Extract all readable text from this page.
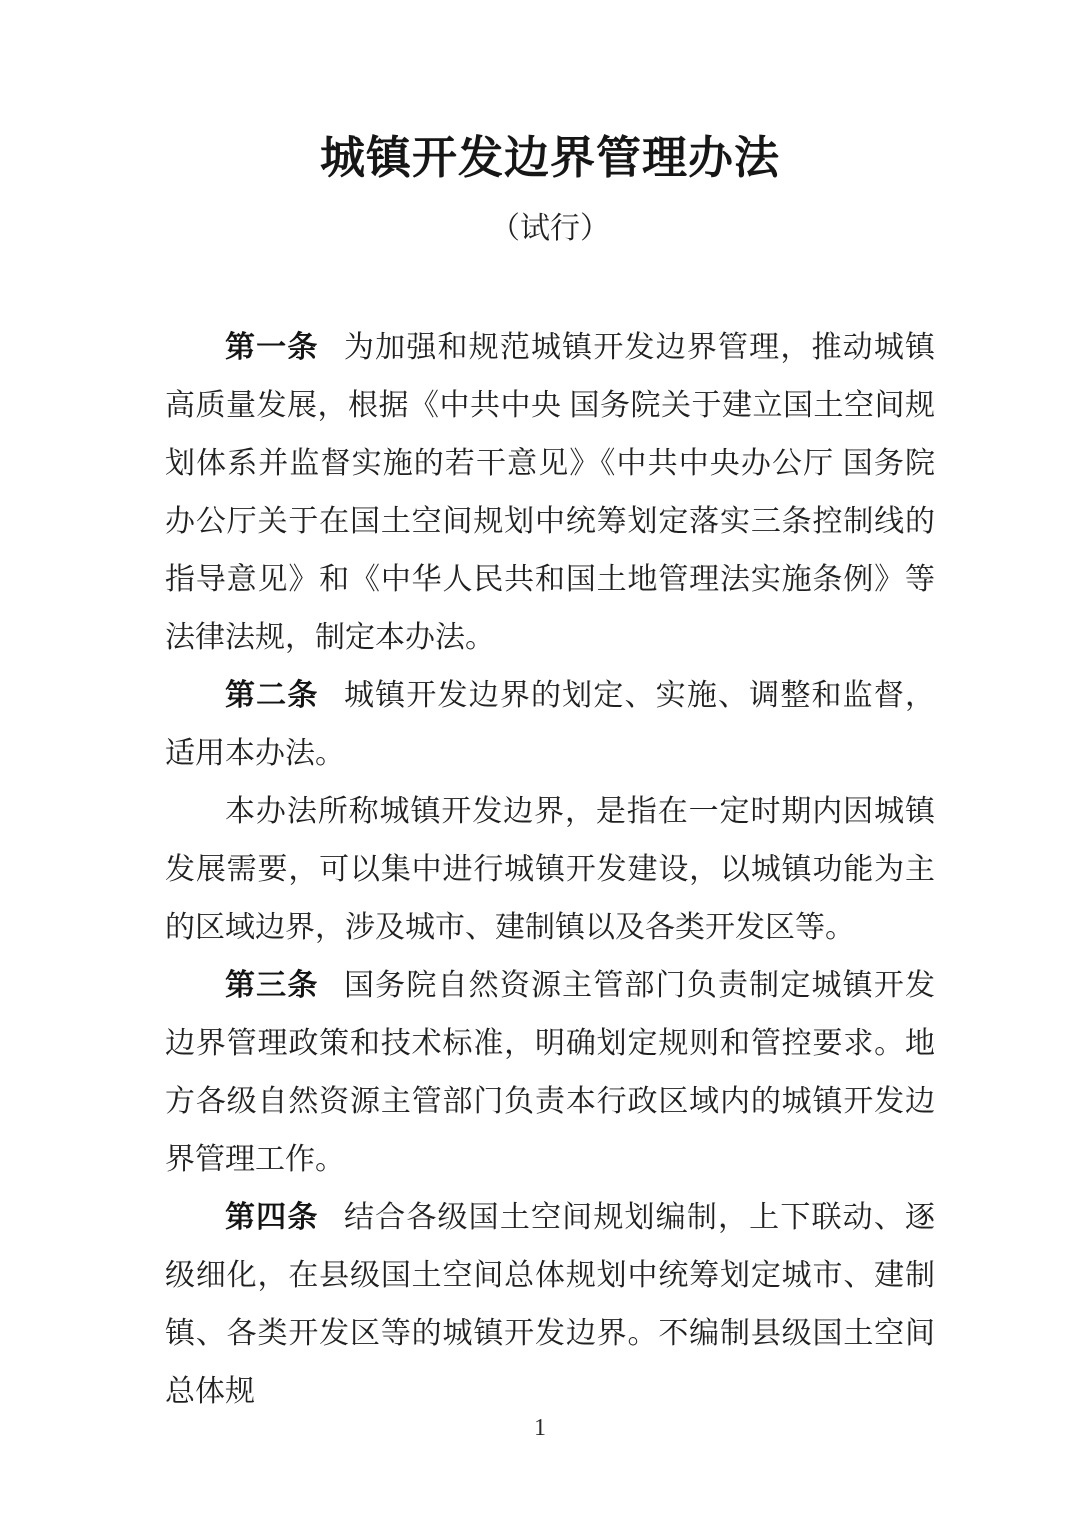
城镇开发边界管理办法
（试行）

第一条 为加强和规范城镇开发边界管理，推动城镇高质量发展，根据《中共中央 国务院关于建立国土空间规划体系并监督实施的若干意见》《中共中央办公厅 国务院办公厅关于在国土空间规划中统筹划定落实三条控制线的指导意见》和《中华人民共和国土地管理法实施条例》等法律法规，制定本办法。

第二条 城镇开发边界的划定、实施、调整和监督，适用本办法。

本办法所称城镇开发边界，是指在一定时期内因城镇发展需要，可以集中进行城镇开发建设，以城镇功能为主的区域边界，涉及城市、建制镇以及各类开发区等。

第三条 国务院自然资源主管部门负责制定城镇开发边界管理政策和技术标准，明确划定规则和管控要求。地方各级自然资源主管部门负责本行政区域内的城镇开发边界管理工作。

第四条 结合各级国土空间规划编制，上下联动、逐级细化，在县级国土空间总体规划中统筹划定城市、建制镇、各类开发区等的城镇开发边界。不编制县级国土空间总体规

1
